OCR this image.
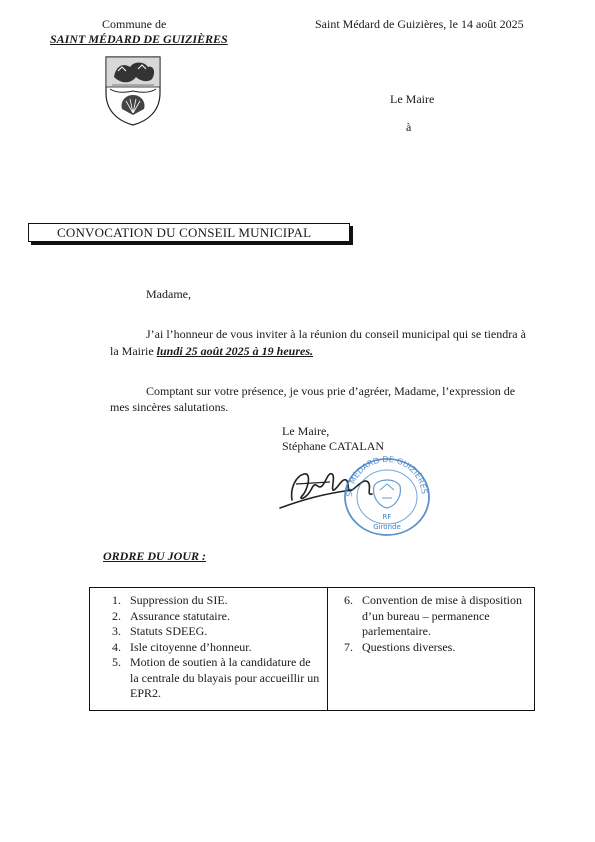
Commune de
SAINT MÉDARD DE GUIZIÈRES
Saint Médard de Guizières, le 14 août 2025
Le Maire
à
CONVOCATION DU CONSEIL MUNICIPAL
Madame,
J’ai l’honneur de vous inviter à la réunion du conseil municipal qui se tiendra à
la Mairie lundi 25 août 2025 à 19 heures.
Comptant sur votre présence, je vous prie d’agréer, Madame, l’expression de
mes sincères salutations.
Le Maire,
Stéphane CATALAN
ST MÉDARD DE GUIZIÈRES
RF
Gironde
ORDRE DU JOUR :
1. Suppression du SIE.
2. Assurance statutaire.
3. Statuts SDEEG.
4. Isle citoyenne d’honneur.
5. Motion de soutien à la candidature de la centrale du blayais pour accueillir un EPR2.
6. Convention de mise à disposition d’un bureau – permanence parlementaire.
7. Questions diverses.
